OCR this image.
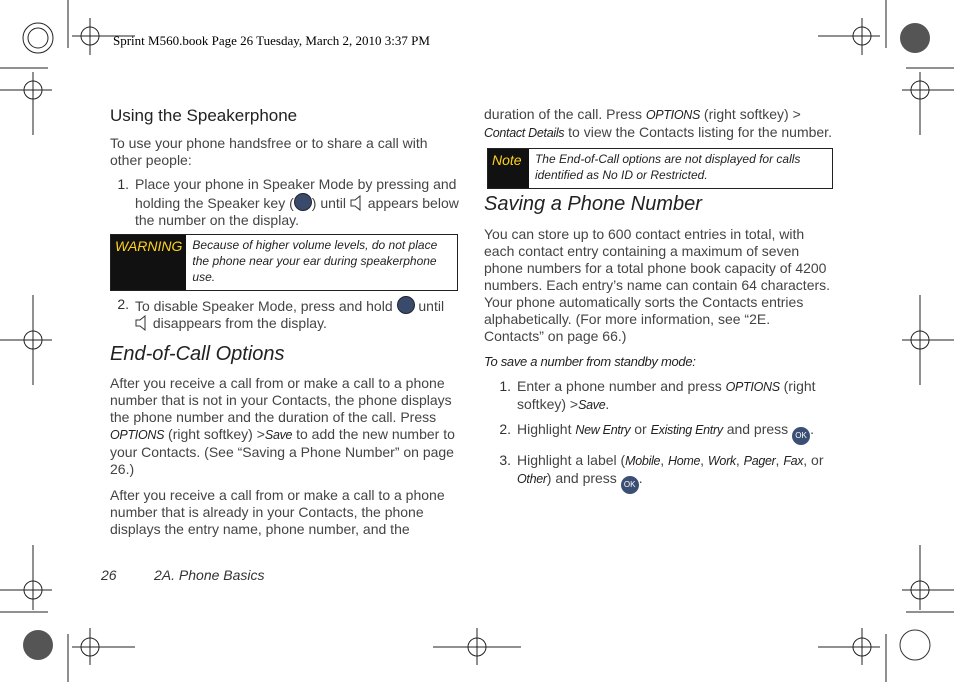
Sprint M560.book Page 26 Tuesday, March 2, 2010 3:37 PM
Using the Speakerphone
To use your phone handsfree or to share a call with other people:
1. Place your phone in Speaker Mode by pressing and holding the Speaker key ( ) until appears below the number on the display.
WARNING Because of higher volume levels, do not place the phone near your ear during speakerphone use.
2. To disable Speaker Mode, press and hold until  disappears from the display.
End-of-Call Options
After you receive a call from or make a call to a phone number that is not in your Contacts, the phone displays the phone number and the duration of the call. Press OPTIONS (right softkey) >Save to add the new number to your Contacts. (See “Saving a Phone Number” on page 26.)
After you receive a call from or make a call to a phone number that is already in your Contacts, the phone displays the entry name, phone number, and the
duration of the call. Press OPTIONS (right softkey) > Contact Details to view the Contacts listing for the number.
Note	The End-of-Call options are not displayed for calls identified as No ID or Restricted.
Saving a Phone Number
You can store up to 600 contact entries in total, with each contact entry containing a maximum of seven phone numbers for a total phone book capacity of 4200 numbers. Each entry’s name can contain 64 characters. Your phone automatically sorts the Contacts entries alphabetically. (For more information, see “2E. Contacts” on page 66.)
To save a number from standby mode:
1. Enter a phone number and press OPTIONS (right softkey) >Save.
2. Highlight New Entry or Existing Entry and press OK .
3. Highlight a label (Mobile, Home, Work, Pager, Fax, or Other) and press OK .
26	2A. Phone Basics
